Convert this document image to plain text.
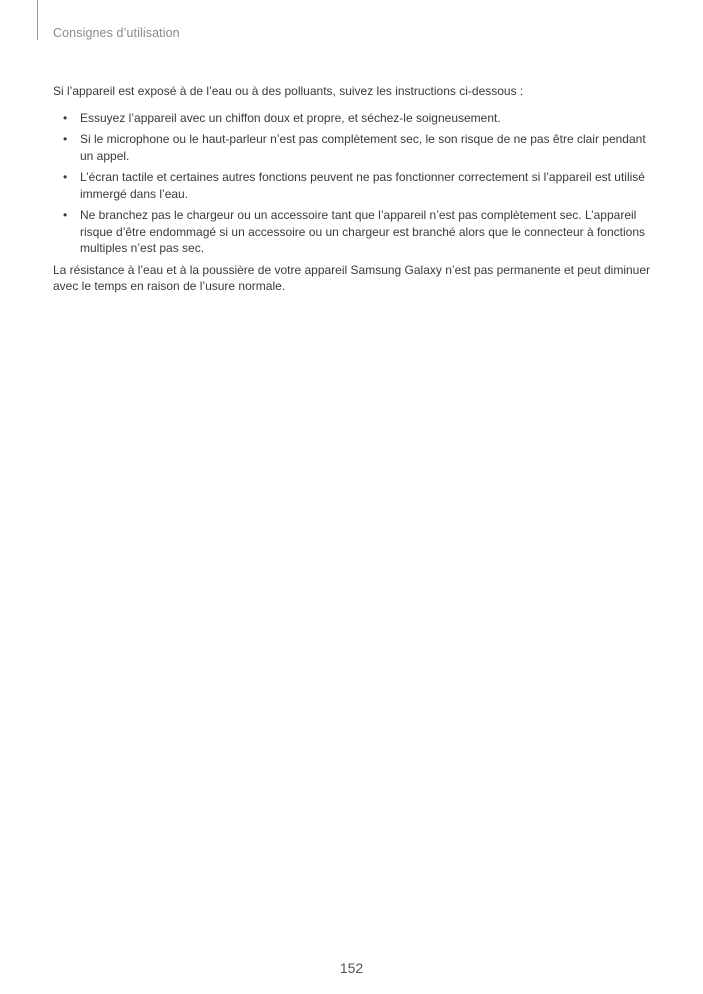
Consignes d’utilisation

Si l’appareil est exposé à de l’eau ou à des polluants, suivez les instructions ci-dessous :

• Essuyez l’appareil avec un chiffon doux et propre, et séchez-le soigneusement.
• Si le microphone ou le haut-parleur n’est pas complètement sec, le son risque de ne pas être clair pendant un appel.
• L’écran tactile et certaines autres fonctions peuvent ne pas fonctionner correctement si l’appareil est utilisé immergé dans l’eau.
• Ne branchez pas le chargeur ou un accessoire tant que l’appareil n’est pas complètement sec. L’appareil risque d’être endommagé si un accessoire ou un chargeur est branché alors que le connecteur à fonctions multiples n’est pas sec.

La résistance à l’eau et à la poussière de votre appareil Samsung Galaxy n’est pas permanente et peut diminuer avec le temps en raison de l’usure normale.

152
